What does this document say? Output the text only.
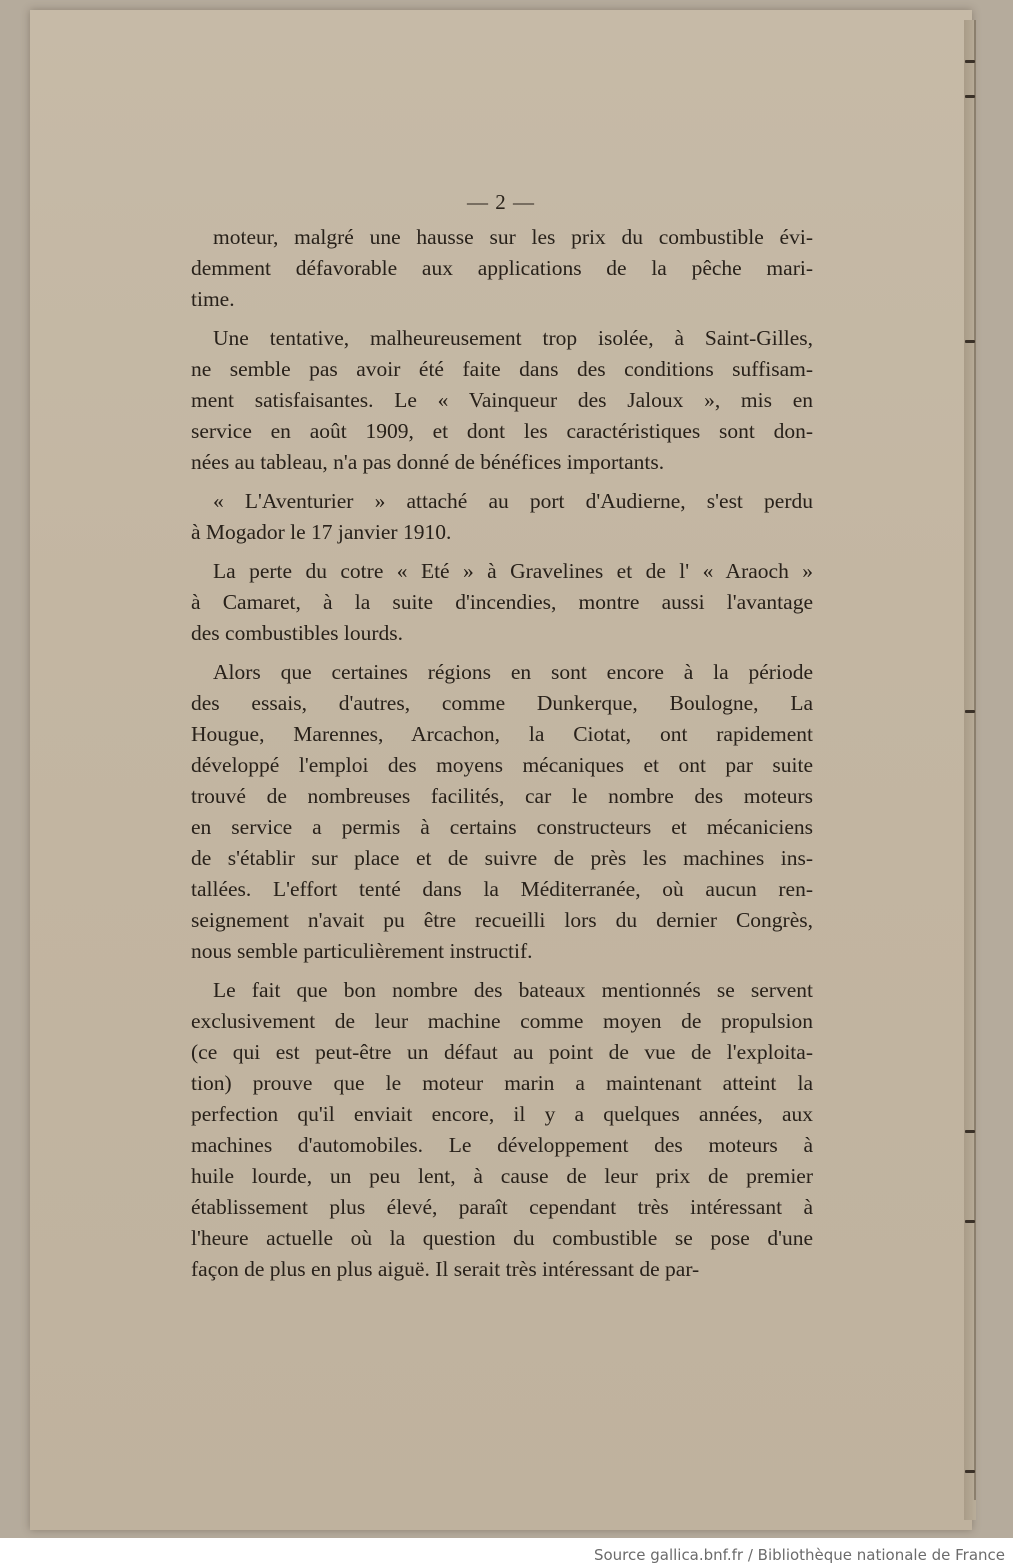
— 2 —

moteur, malgré une hausse sur les prix du combustible évi-
demment défavorable aux applications de la pêche mari-
time.

Une tentative, malheureusement trop isolée, à Saint-Gilles,
ne semble pas avoir été faite dans des conditions suffisam-
ment satisfaisantes. Le « Vainqueur des Jaloux », mis en
service en août 1909, et dont les caractéristiques sont don-
nées au tableau, n'a pas donné de bénéfices importants.

« L'Aventurier » attaché au port d'Audierne, s'est perdu
à Mogador le 17 janvier 1910.

La perte du cotre « Eté » à Gravelines et de l' « Araoch »
à Camaret, à la suite d'incendies, montre aussi l'avantage
des combustibles lourds.

Alors que certaines régions en sont encore à la période
des essais, d'autres, comme Dunkerque, Boulogne, La
Hougue, Marennes, Arcachon, la Ciotat, ont rapidement
développé l'emploi des moyens mécaniques et ont par suite
trouvé de nombreuses facilités, car le nombre des moteurs
en service a permis à certains constructeurs et mécaniciens
de s'établir sur place et de suivre de près les machines ins-
tallées. L'effort tenté dans la Méditerranée, où aucun ren-
seignement n'avait pu être recueilli lors du dernier Congrès,
nous semble particulièrement instructif.

Le fait que bon nombre des bateaux mentionnés se servent
exclusivement de leur machine comme moyen de propulsion
(ce qui est peut-être un défaut au point de vue de l'exploita-
tion) prouve que le moteur marin a maintenant atteint la
perfection qu'il enviait encore, il y a quelques années, aux
machines d'automobiles. Le développement des moteurs à
huile lourde, un peu lent, à cause de leur prix de premier
établissement plus élevé, paraît cependant très intéressant à
l'heure actuelle où la question du combustible se pose d'une
façon de plus en plus aiguë. Il serait très intéressant de par-

Source gallica.bnf.fr / Bibliothèque nationale de France
